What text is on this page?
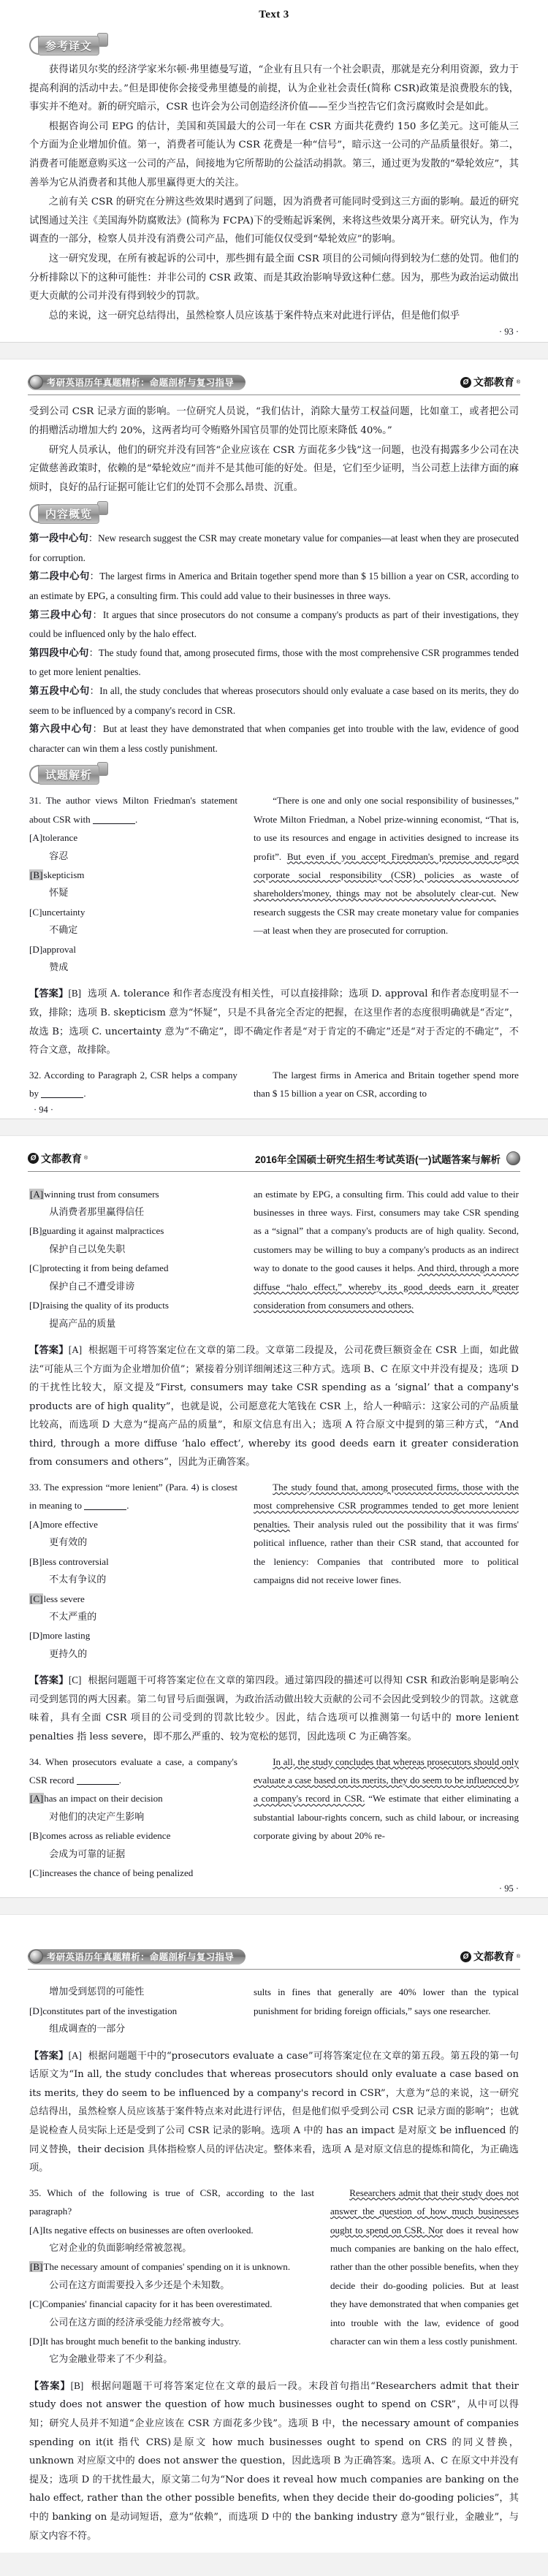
Text 3
参考译文

获得诺贝尔奖的经济学家米尔顿·弗里德曼写道，“企业有且只有一个社会职责，那就是充分利用资源，致力于提高利润的活动中去。”但是即使你会接受弗里德曼的前提，认为企业社会责任(简称 CSR)政策是浪费股东的钱，事实并不绝对。新的研究暗示，CSR 也许会为公司创造经济价值——至少当控告它们贪污腐败时会是如此。

根据咨询公司 EPG 的估计，美国和英国最大的公司一年在 CSR 方面共花费约 150 多亿美元。这可能从三个方面为企业增加价值。第一，消费者可能认为 CSR 花费是一种“信号”，暗示这一公司的产品质量很好。第二，消费者可能愿意购买这一公司的产品，间接地为它所帮助的公益活动捐款。第三，通过更为发散的“晕轮效应”，其善举为它从消费者和其他人那里赢得更大的关注。

之前有关 CSR 的研究在分辨这些效果时遇到了问题，因为消费者可能同时受到这三方面的影响。最近的研究试图通过关注《美国海外防腐败法》(简称为 FCPA)下的受贿起诉案例，来将这些效果分离开来。研究认为，作为调查的一部分，检察人员并没有消费公司产品，他们可能仅仅受到“晕轮效应”的影响。

这一研究发现，在所有被起诉的公司中，那些拥有最全面 CSR 项目的公司倾向得到较为仁慈的处罚。他们的分析排除以下的这种可能性：并非公司的 CSR 政策、而是其政治影响导致这种仁慈。因为，那些为政治运动做出更大贡献的公司并没有得到较少的罚款。

总的来说，这一研究总结得出，虽然检察人员应该基于案件特点来对此进行评估，但是他们似乎

· 93 ·
考研英语历年真题精析：命题剖析与复习指导	Ø 文都教育 ®

受到公司 CSR 记录方面的影响。一位研究人员说，“我们估计，消除大量劳工权益问题，比如童工，或者把公司的捐赠活动增加大约 20%，这两者均可令贿赂外国官员罪的处罚比原来降低 40%。”

研究人员承认，他们的研究并没有回答“企业应该在 CSR 方面花多少钱”这一问题，也没有揭露多少公司在决定做慈善政策时，依赖的是“晕轮效应”而并不是其他可能的好处。但是，它们至少证明，当公司惹上法律方面的麻烦时，良好的品行证据可能让它们的处罚不会那么昂贵、沉重。

内容概览

第一段中心句：New research suggest the CSR may create monetary value for companies—at least when they are prosecuted for corruption.

第二段中心句：The largest firms in America and Britain together spend more than $ 15 billion a year on CSR, according to an estimate by EPG, a consulting firm. This could add value to their businesses in three ways.

第三段中心句：It argues that since prosecutors do not consume a company's products as part of their investigations, they could be influenced only by the halo effect.

第四段中心句：The study found that, among prosecuted firms, those with the most comprehensive CSR programmes tended to get more lenient penalties.

第五段中心句：In all, the study concludes that whereas prosecutors should only evaluate a case based on its merits, they do seem to be influenced by a company's record in CSR.

第六段中心句：But at least they have demonstrated that when companies get into trouble with the law, evidence of good character can win them a less costly punishment.

试题解析
31. The author views Milton Friedman's statement about CSR with	.
[A]tolerance
容忍
[B]skepticism
怀疑
[C]uncertainty
不确定
[D]approval
赞成
“There is one and only one social responsibility of businesses,” Wrote Milton Friedman, a Nobel prize-winning economist, “That is, to use its resources and engage in activities designed to increase its profit”. But even if you accept Firedman's premise and regard corporate social responsibility (CSR) policies as waste of shareholders'money, things may not be absolutely clear-cut. New research suggests the CSR may create monetary value for companies—at least when they are prosecuted for corruption.
【答案】[B] 选项 A. tolerance 和作者态度没有相关性，可以直接排除；选项 D. approval 和作者态度明显不一致，排除；选项 B. skepticism 意为“怀疑”，只是不具备完全否定的把握，在这里作者的态度很明确就是“否定”，故选 B；选项 C. uncertainty 意为“不确定”，即不确定作者是“对于肯定的不确定”还是“对于否定的不确定”，不符合文意，故排除。
32. According to Paragraph 2, CSR helps a company by	.
The largest firms in America and Britain together spend more than $ 15 billion a year on CSR, according to
· 94 ·
Ø 文都教育 ®	2016年全国硕士研究生招生考试英语(一)试题答案与解析
[A]winning trust from consumers
从消费者那里赢得信任
[B]guarding it against malpractices
保护自己以免失职
[C]protecting it from being defamed
保护自己不遭受诽谤
[D]raising the quality of its products
提高产品的质量
an estimate by EPG, a consulting firm. This could add value to their businesses in three ways. First, consumers may take CSR spending as a “signal” that a company's products are of high quality. Second, customers may be willing to buy a company's products as an indirect way to donate to the good causes it helps. And third, through a more diffuse “halo effect,” whereby its good deeds earn it greater consideration from consumers and others.
【答案】[A] 根据题干可将答案定位在文章的第二段。文章第二段提及，公司花费巨额资金在 CSR 上面，如此做法“可能从三个方面为企业增加价值”；紧接着分别详细阐述这三种方式。选项 B、C 在原文中并没有提及；选项 D 的干扰性比较大，原文提及“First, consumers may take CSR spending as a ‘signal’ that a company's products are of high quality”，也就是说，公司愿意花大笔钱在 CSR 上，给人一种暗示：这家公司的产品质量比较高，而选项 D 大意为“提高产品的质量”，和原文信息有出入；选项 A 符合原文中提到的第三种方式，“And third, through a more diffuse ‘halo effect’, whereby its good deeds earn it greater consideration from consumers and others”，因此为正确答案。
33. The expression “more lenient” (Para. 4) is closest in meaning to	.
[A]more effective
更有效的
[B]less controversial
不太有争议的
[C]less severe
不太严重的
[D]more lasting
更持久的
The study found that, among prosecuted firms, those with the most comprehensive CSR programmes tended to get more lenient penalties. Their analysis ruled out the possibility that it was firms' political influence, rather than their CSR stand, that accounted for the leniency: Companies that contributed more to political campaigns did not receive lower fines.
【答案】[C] 根据问题题干可将答案定位在文章的第四段。通过第四段的描述可以得知 CSR 和政治影响是影响公司受到惩罚的两大因素。第二句冒号后面强调，为政治活动做出较大贡献的公司不会因此受到较少的罚款。这就意味着，具有全面 CSR 项目的公司受到的罚款比较少。因此，结合选项可以推测第一句话中的 more lenient penalties 指 less severe，即不那么严重的、较为宽松的惩罚，因此选项 C 为正确答案。
34. When prosecutors evaluate a case, a company's CSR record	.
[A]has an impact on their decision
对他们的决定产生影响
[B]comes across as reliable evidence
会成为可靠的证据
[C]increases the chance of being penalized
In all, the study concludes that whereas prosecutors should only evaluate a case based on its merits, they do seem to be influenced by a company's record in CSR. “We estimate that either eliminating a substantial labour-rights concern, such as child labour, or increasing corporate giving by about 20% re-
· 95 ·
考研英语历年真题精析：命题剖析与复习指导	Ø 文都教育 ®
增加受到惩罚的可能性
[D]constitutes part of the investigation
组成调查的一部分
sults in fines that generally are 40% lower than the typical punishment for briding foreign officials,” says one researcher.
【答案】[A] 根据问题题干中的“prosecutors evaluate a case”可将答案定位在文章的第五段。第五段的第一句话原文为“In all, the study concludes that whereas prosecutors should only evaluate a case based on its merits, they do seem to be influenced by a company's record in CSR”，大意为“总的来说，这一研究总结得出，虽然检察人员应该基于案件特点来对此进行评估，但是他们似乎受到公司 CSR 记录方面的影响”；也就是说检查人员实际上还是受到了公司 CSR 记录的影响。选项 A 中的 has an impact 是对原文 be influenced 的同义替换，their decision 具体指检察人员的评估决定。整体来看，选项 A 是对原文信息的提炼和简化，为正确选项。
35. Which of the following is true of CSR, according to the last paragraph?
[A]Its negative effects on businesses are often overlooked.
它对企业的负面影响经常被忽视。
[B]The necessary amount of companies' spending on it is unknown.
公司在这方面需要投入多少还是个未知数。
[C]Companies' financial capacity for it has been overestimated.
公司在这方面的经济承受能力经常被夸大。
[D]It has brought much benefit to the banking industry.
它为金融业带来了不少利益。
Researchers admit that their study does not answer the question of how much businesses ought to spend on CSR. Nor does it reveal how much companies are banking on the halo effect, rather than the other possible benefits, when they decide their do-gooding policies. But at least they have demonstrated that when companies get into trouble with the law, evidence of good character can win them a less costly punishment.
【答案】[B] 根据问题题干可将答案定位在文章的最后一段。末段首句指出“Researchers admit that their study does not answer the question of how much businesses ought to spend on CSR”，从中可以得知；研究人员并不知道“企业应该在 CSR 方面花多少钱”。选项 B 中，the necessary amount of companies spending on it(it 指代 CRS)是原文 how much businesses ought to spend on CRS 的同义替换，unknown 对应原文中的 does not answer the question，因此选项 B 为正确答案。选项 A、C 在原文中并没有提及；选项 D 的干扰性最大，原文第二句为“Nor does it reveal how much companies are banking on the halo effect, rather than the other possible benefits, when they decide their do-gooding policies”，其中的 banking on 是动词短语，意为“依赖”，而选项 D 中的 the banking industry 意为“银行业，金融业”，与原文内容不符。
